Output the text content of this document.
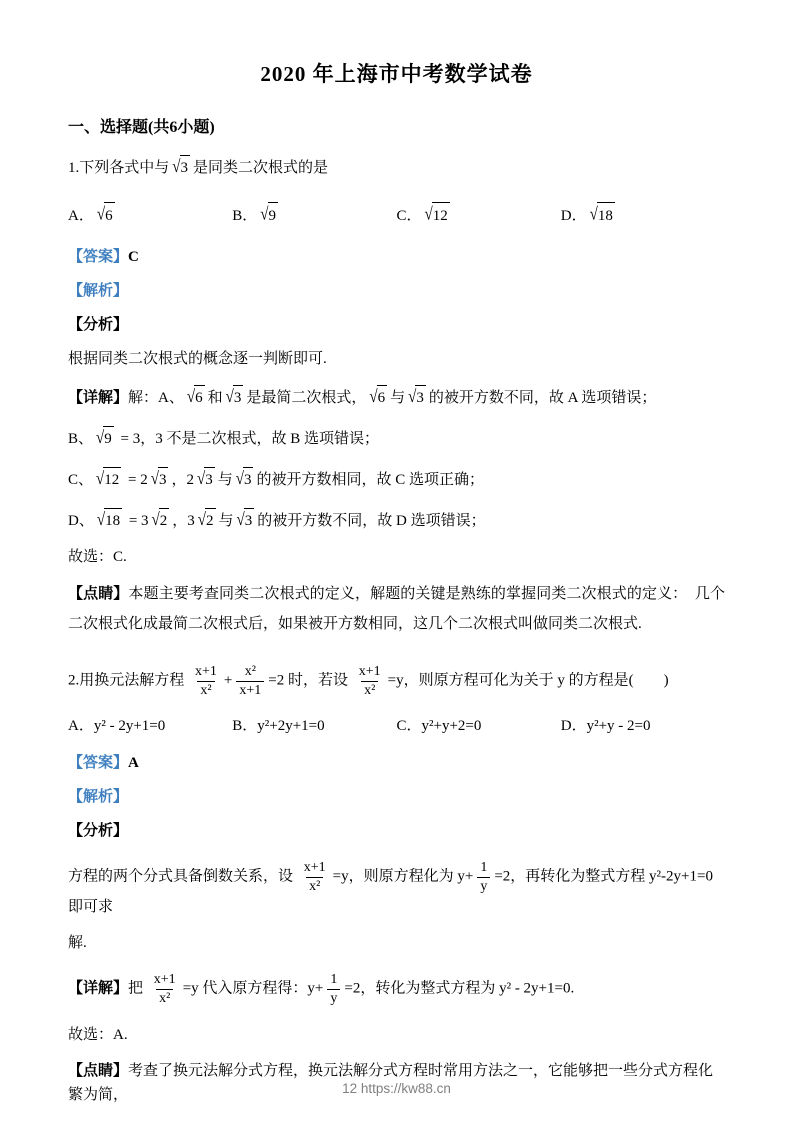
2020 年上海市中考数学试卷
一、选择题(共6小题)

1.下列各式中与 √3 是同类二次根式的是

A． √6	B． √9	C． √12	D． √18

【答案】C

【解析】

【分析】

根据同类二次根式的概念逐一判断即可.

【详解】解：A、 √6 和 √3 是最简二次根式， √6 与 √3 的被开方数不同，故 A 选项错误；

B、 √9 = 3，3 不是二次根式，故 B 选项错误；

C、 √12 = 2 √3 ，2 √3 与 √3 的被开方数相同，故 C 选项正确；

D、 √18 = 3 √2 ，3 √2 与 √3 的被开方数不同，故 D 选项错误；

故选：C.

【点睛】本题主要考查同类二次根式的定义，解题的关键是熟练的掌握同类二次根式的定义：　几个二次根式化成最简二次根式后，如果被开方数相同，这几个二次根式叫做同类二次根式.

2.用换元法解方程 $\frac{x+1}{\text{x²}} + \frac{\text{x²}}{x+1} =2$ 时，若设 $\frac{x+1}{\text{x²}} =y$，则原方程可化为关于 y 的方程是(　　)

A．y² - 2y+1=0	B．y²+2y+1=0	C．y²+y+2=0	D．y²+y - 2=0

【答案】A

【解析】

【分析】

方程的两个分式具备倒数关系，设 $\frac{x+1}{\text{x²}} =y$，则原方程化为 $y+ \frac{1}{y} =2$，再转化为整式方程 y²-2y+1=0 即可求

解.

【详解】把 $\frac{x+1}{\text{x²}} =y$ 代入原方程得：$y+ \frac{1}{y} =2$，转化为整式方程为 y² - 2y+1=0.

故选：A.

【点睛】考查了换元法解分式方程，换元法解分式方程时常用方法之一，它能够把一些分式方程化繁为简，	12 https://kw88.cn
